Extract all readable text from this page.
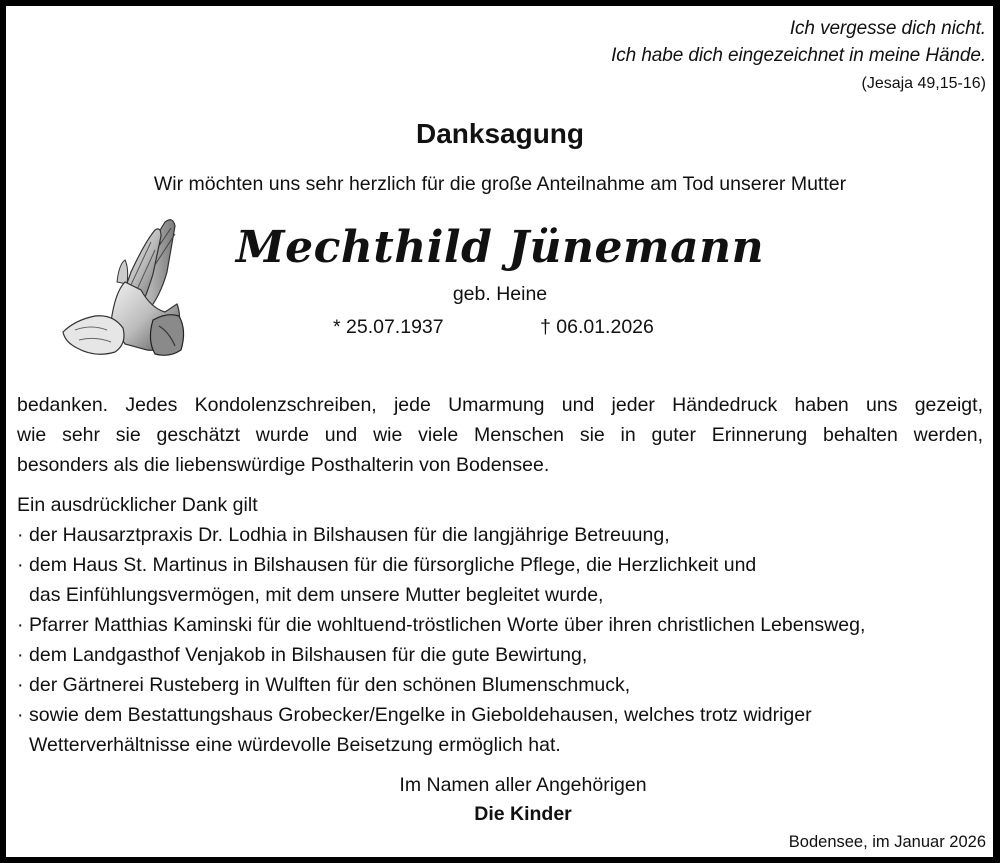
Ich vergesse dich nicht.
Ich habe dich eingezeichnet in meine Hände.
(Jesaja 49,15-16)
Danksagung
Wir möchten uns sehr herzlich für die große Anteilnahme am Tod unserer Mutter
Mechthild Jünemann
geb. Heine
* 25.07.1937	† 06.01.2026
bedanken. Jedes Kondolenzschreiben, jede Umarmung und jeder Händedruck haben uns gezeigt,
wie sehr sie geschätzt wurde und wie viele Menschen sie in guter Erinnerung behalten werden,
besonders als die liebenswürdige Posthalterin von Bodensee.
Ein ausdrücklicher Dank gilt
· der Hausarztpraxis Dr. Lodhia in Bilshausen für die langjährige Betreuung,
· dem Haus St. Martinus in Bilshausen für die fürsorgliche Pflege, die Herzlichkeit und
das Einfühlungsvermögen, mit dem unsere Mutter begleitet wurde,
· Pfarrer Matthias Kaminski für die wohltuend-tröstlichen Worte über ihren christlichen Lebensweg,
· dem Landgasthof Venjakob in Bilshausen für die gute Bewirtung,
· der Gärtnerei Rusteberg in Wulften für den schönen Blumenschmuck,
· sowie dem Bestattungshaus Grobecker/Engelke in Gieboldehausen, welches trotz widriger
Wetterverhältnisse eine würdevolle Beisetzung ermöglich hat.
Im Namen aller Angehörigen
Die Kinder
Bodensee, im Januar 2026
